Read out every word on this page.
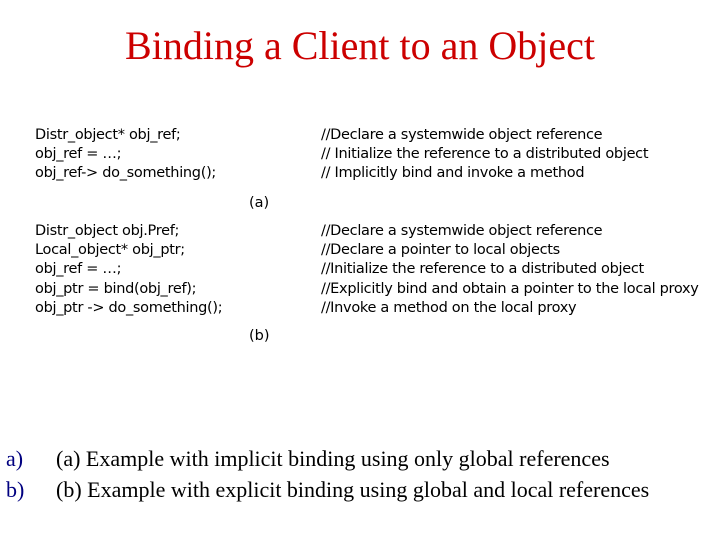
Binding a Client to an Object
Distr_object* obj_ref;
obj_ref = …;
obj_ref-> do_something();
//Declare a systemwide object reference
// Initialize the reference to a distributed object
// Implicitly bind and invoke a method
(a)
Distr_object obj.Pref;
Local_object* obj_ptr;
obj_ref = …;
obj_ptr = bind(obj_ref);
obj_ptr -> do_something();
//Declare a systemwide object reference
//Declare a pointer to local objects
//Initialize the reference to a distributed object
//Explicitly bind and obtain a pointer to the local proxy
//Invoke a method on the local proxy
(b)
a)	(a) Example with implicit binding using only global references
b)	(b) Example with explicit binding using global and local references
